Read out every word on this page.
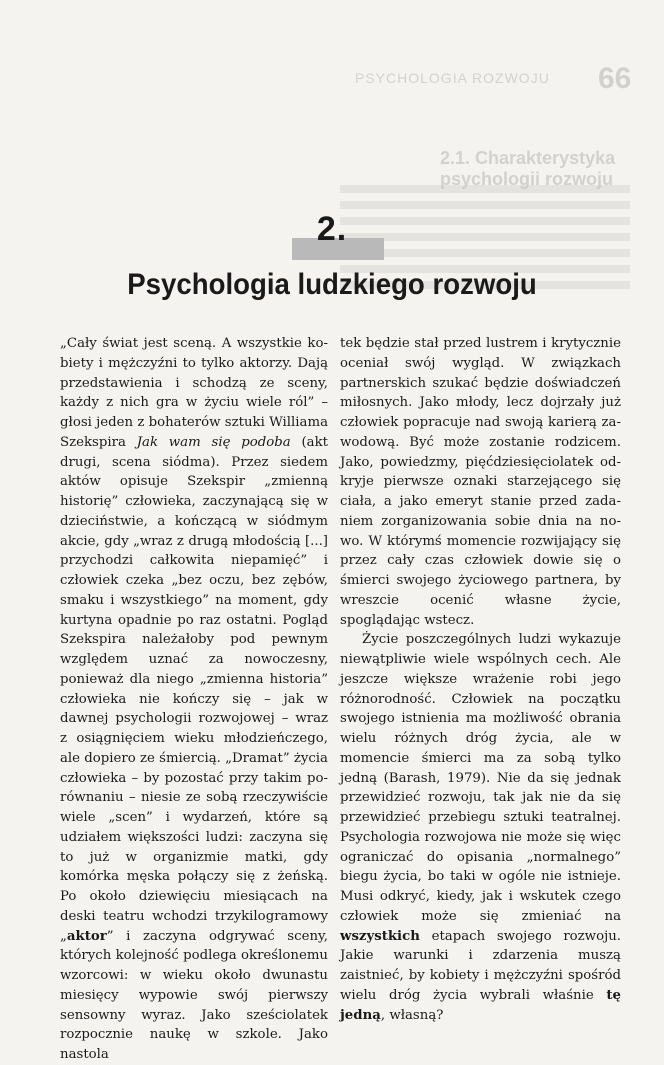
PSYCHOLOGIA ROZWOJU 66
2.1. Charakterystyka psychologii rozwoju
2.
Psychologia ludzkiego rozwoju

„Cały świat jest sceną. A wszystkie kobiety i mężczyźni to tylko aktorzy. Dają przedstawienia i schodzą ze sceny, każdy z nich gra w życiu wiele ról” – głosi jeden z bohaterów sztuki Williama Szekspira Jak wam się podoba (akt drugi, scena siódma). Przez siedem aktów opisuje Szekspir „zmienną historię” człowieka, zaczynającą się w dzieciństwie, a kończącą w siódmym akcie, gdy „wraz z drugą młodością [...] przychodzi całkowita niepamięć” i człowiek czeka „bez oczu, bez zębów, smaku i wszystkiego” na moment, gdy kurtyna opadnie po raz ostatni. Pogląd Szekspira należałoby pod pewnym względem uznać za nowoczesny, ponieważ dla niego „zmienna historia” człowieka nie kończy się – jak w dawnej psychologii rozwojowej – wraz z osiągnięciem wieku młodzieńczego, ale dopiero ze śmiercią. „Dramat” życia człowieka – by pozostać przy takim porównaniu – niesie ze sobą rzeczywiście wiele „scen” i wydarzeń, które są udziałem większości ludzi: zaczyna się to już w organizmie matki, gdy komórka męska połączy się z żeńską. Po około dziewięciu miesiącach na deski teatru wchodzi trzykilogramowy „aktor” i zaczyna odgrywać sceny, których kolejność podlega określonemu wzorcowi: w wieku około dwunastu miesięcy wypowie swój pierwszy sensowny wyraz. Jako sześciolatek rozpocznie naukę w szkole. Jako nastola

tek będzie stał przed lustrem i krytycznie oceniał swój wygląd. W związkach partnerskich szukać będzie doświadczeń miłosnych. Jako młody, lecz dojrzały już człowiek popracuje nad swoją karierą zawodową. Być może zostanie rodzicem. Jako, powiedzmy, pięćdziesięciolatek odkryje pierwsze oznaki starzejącego się ciała, a jako emeryt stanie przed zadaniem zorganizowania sobie dnia na nowo. W którymś momencie rozwijający się przez cały czas człowiek dowie się o śmierci swojego życiowego partnera, by wreszcie ocenić własne życie, spoglądając wstecz.

Życie poszczególnych ludzi wykazuje niewątpliwie wiele wspólnych cech. Ale jeszcze większe wrażenie robi jego różnorodność. Człowiek na początku swojego istnienia ma możliwość obrania wielu różnych dróg życia, ale w momencie śmierci ma za sobą tylko jedną (Barash, 1979). Nie da się jednak przewidzieć rozwoju, tak jak nie da się przewidzieć przebiegu sztuki teatralnej. Psychologia rozwojowa nie może się więc ograniczać do opisania „normalnego” biegu życia, bo taki w ogóle nie istnieje. Musi odkryć, kiedy, jak i wskutek czego człowiek może się zmieniać na wszystkich etapach swojego rozwoju. Jakie warunki i zdarzenia muszą zaistnieć, by kobiety i mężczyźni spośród wielu dróg życia wybrali właśnie tę jedną, własną?
